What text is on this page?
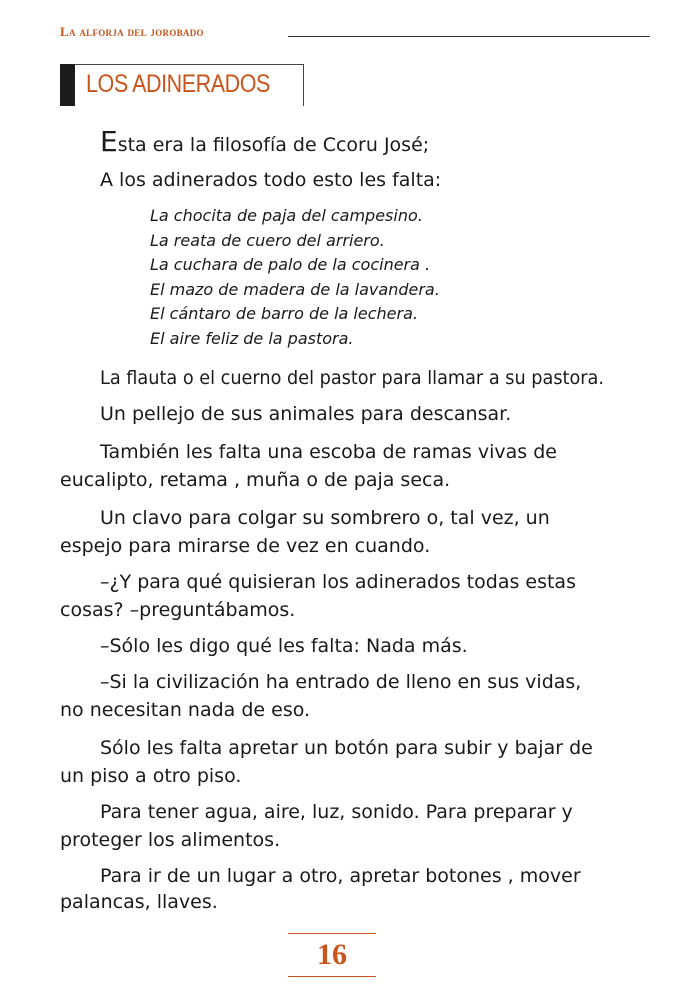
La alforja del jorobado
LOS ADINERADOS
Esta era la filosofía de Ccoru José;
A los adinerados todo esto les falta:
La chocita de paja del campesino.
La reata de cuero del arriero.
La cuchara de palo de la cocinera .
El mazo de madera de la lavandera.
El cántaro de barro de la lechera.
El aire feliz de la pastora.
La flauta o el cuerno del pastor para llamar a su pastora.
Un pellejo de sus animales para descansar.
También les falta una escoba de ramas vivas de
eucalipto, retama , muña o de paja seca.
Un clavo para colgar su sombrero o, tal vez, un
espejo para mirarse de vez en cuando.
–¿Y para qué quisieran los adinerados todas estas
cosas? –preguntábamos.
–Sólo les digo qué les falta: Nada más.
–Si la civilización ha entrado de lleno en sus vidas,
no necesitan nada de eso.
Sólo les falta apretar un botón para subir y bajar de
un piso a otro piso.
Para tener agua, aire, luz, sonido. Para preparar y
proteger los alimentos.
Para ir de un lugar a otro, apretar botones , mover
palancas, llaves.
16
